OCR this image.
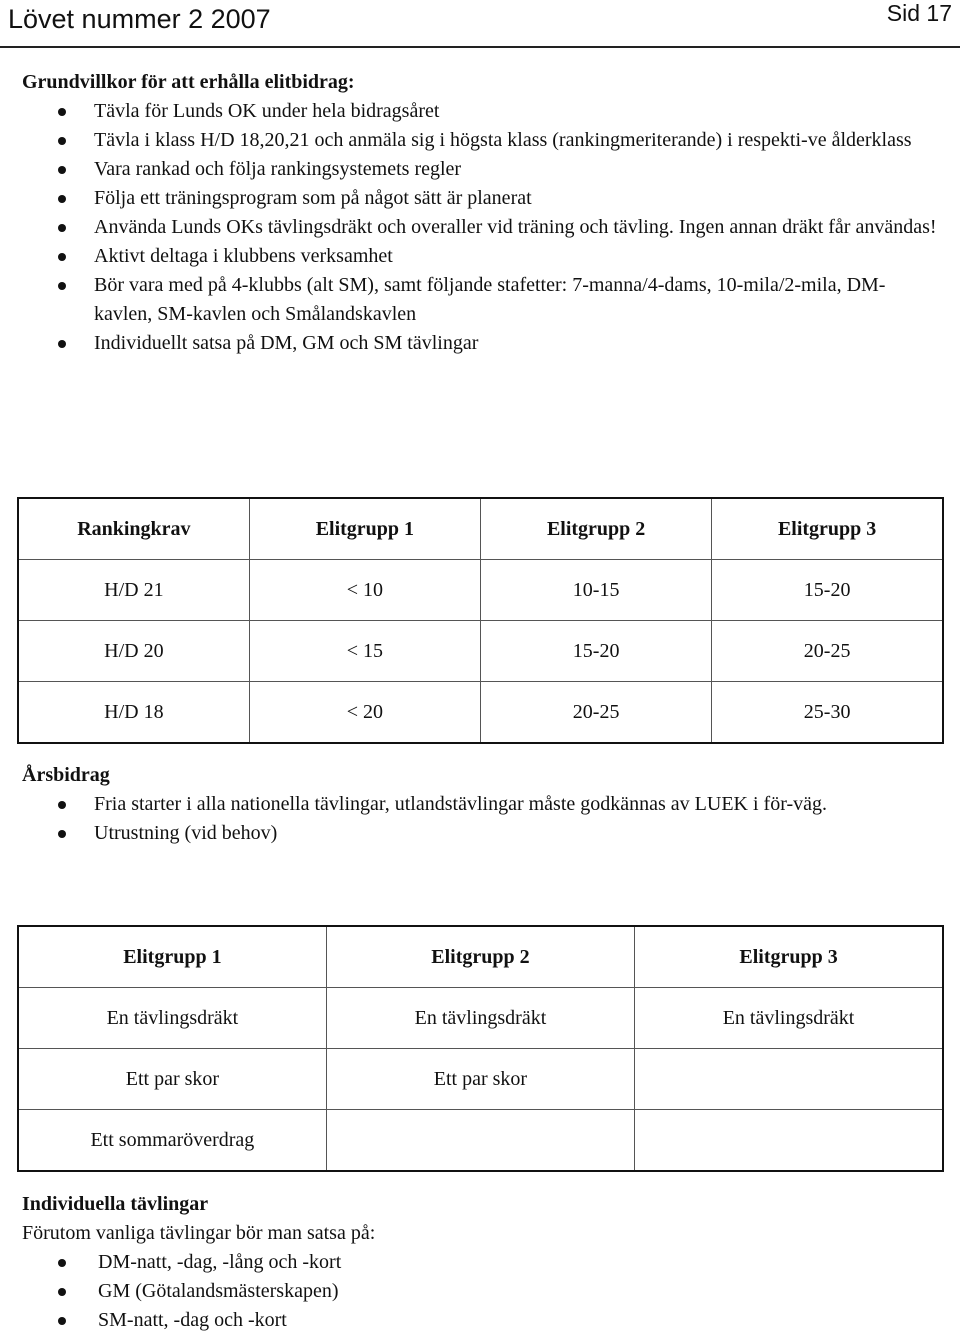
Lövet nummer 2 2007	Sid 17

Grundvillkor för att erhålla elitbidrag:

Tävla för Lunds OK under hela bidragsåret
Tävla i klass H/D 18,20,21 och anmäla sig i högsta klass (rankingmeriterande) i respekti-ve ålderklass
Vara rankad och följa rankingsystemets regler
Följa ett träningsprogram som på något sätt är planerat
Använda Lunds OKs tävlingsdräkt och overaller vid träning och tävling. Ingen annan dräkt får användas!
Aktivt deltaga i klubbens verksamhet
Bör vara med på 4-klubbs (alt SM), samt följande stafetter: 7-manna/4-dams, 10-mila/2-mila, DM-kavlen, SM-kavlen och Smålandskavlen
Individuellt satsa på DM, GM och SM tävlingar
Rankingkrav	Elitgrupp 1	Elitgrupp 2	Elitgrupp 3
H/D 21	< 10	10-15	15-20
H/D 20	< 15	15-20	20-25
H/D 18	< 20	20-25	25-30

Årsbidrag

Fria starter i alla nationella tävlingar, utlandstävlingar måste godkännas av LUEK i för-väg.
Utrustning (vid behov)
Elitgrupp 1	Elitgrupp 2	Elitgrupp 3
En tävlingsdräkt	En tävlingsdräkt	En tävlingsdräkt
Ett par skor	Ett par skor	
Ett sommaröverdrag		

Individuella tävlingar

Förutom vanliga tävlingar bör man satsa på:

DM-natt, -dag, -lång och -kort
GM (Götalandsmästerskapen)
SM-natt, -dag och -kort
